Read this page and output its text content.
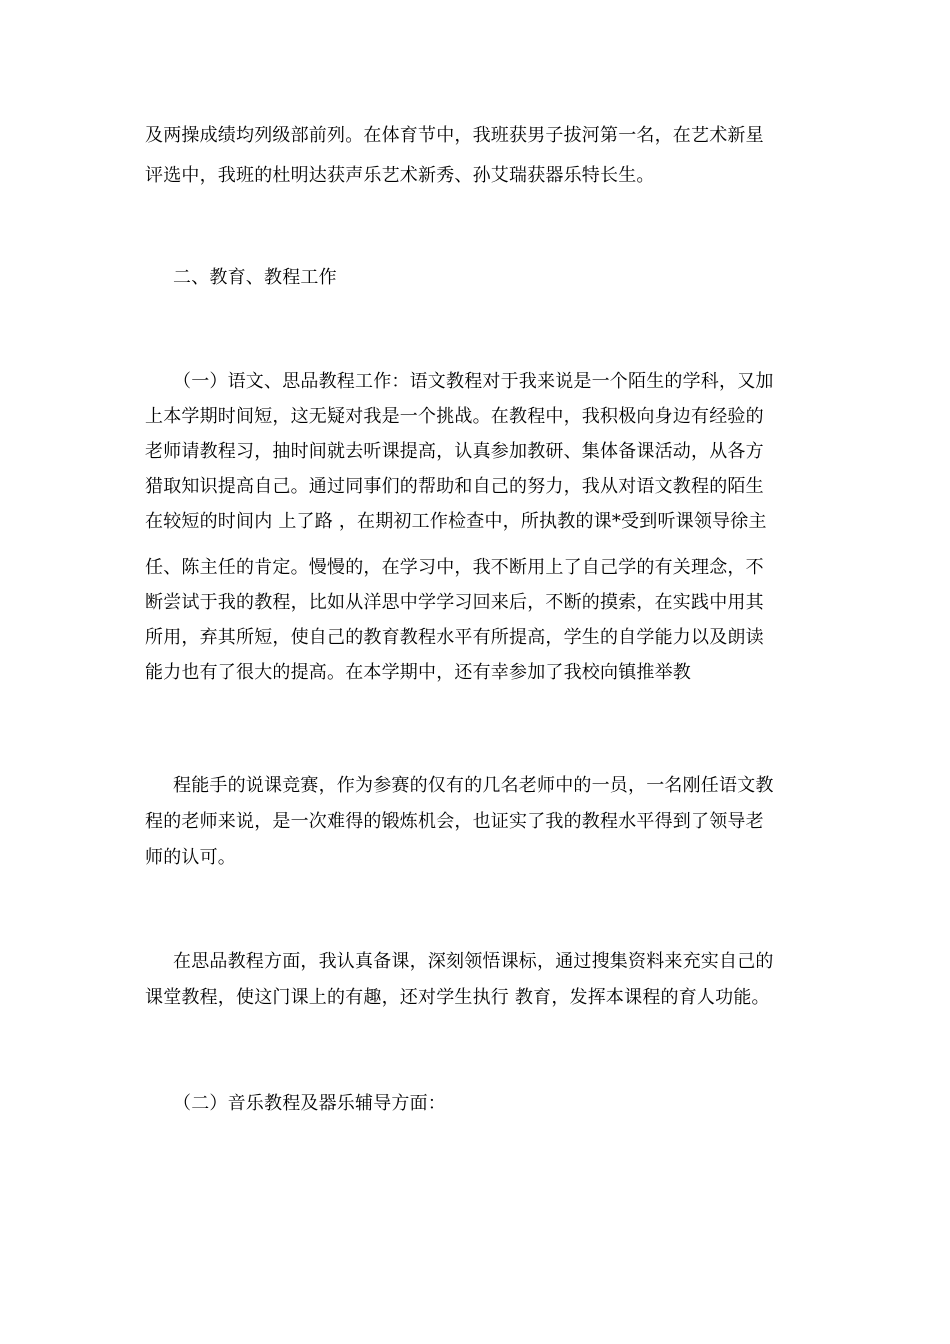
及两操成绩均列级部前列。在体育节中，我班获男子拔河第一名，在艺术新星
评选中，我班的杜明达获声乐艺术新秀、孙艾瑞获器乐特长生。
二、教育、教程工作
（一）语文、思品教程工作：语文教程对于我来说是一个陌生的学科，又加
上本学期时间短，这无疑对我是一个挑战。在教程中，我积极向身边有经验的
老师请教程习，抽时间就去听课提高，认真参加教研、集体备课活动，从各方
猎取知识提高自己。通过同事们的帮助和自己的努力，我从对语文教程的陌生
在较短的时间内 上了路 ，在期初工作检查中，所执教的课*受到听课领导徐主
任、陈主任的肯定。慢慢的，在学习中，我不断用上了自己学的有关理念，不
断尝试于我的教程，比如从洋思中学学习回来后，不断的摸索，在实践中用其
所用，弃其所短，使自己的教育教程水平有所提高，学生的自学能力以及朗读
能力也有了很大的提高。在本学期中，还有幸参加了我校向镇推举教
程能手的说课竞赛，作为参赛的仅有的几名老师中的一员，一名刚任语文教
程的老师来说，是一次难得的锻炼机会，也证实了我的教程水平得到了领导老
师的认可。
在思品教程方面，我认真备课，深刻领悟课标，通过搜集资料来充实自己的
课堂教程，使这门课上的有趣，还对学生执行 教育，发挥本课程的育人功能。
（二）音乐教程及器乐辅导方面：
